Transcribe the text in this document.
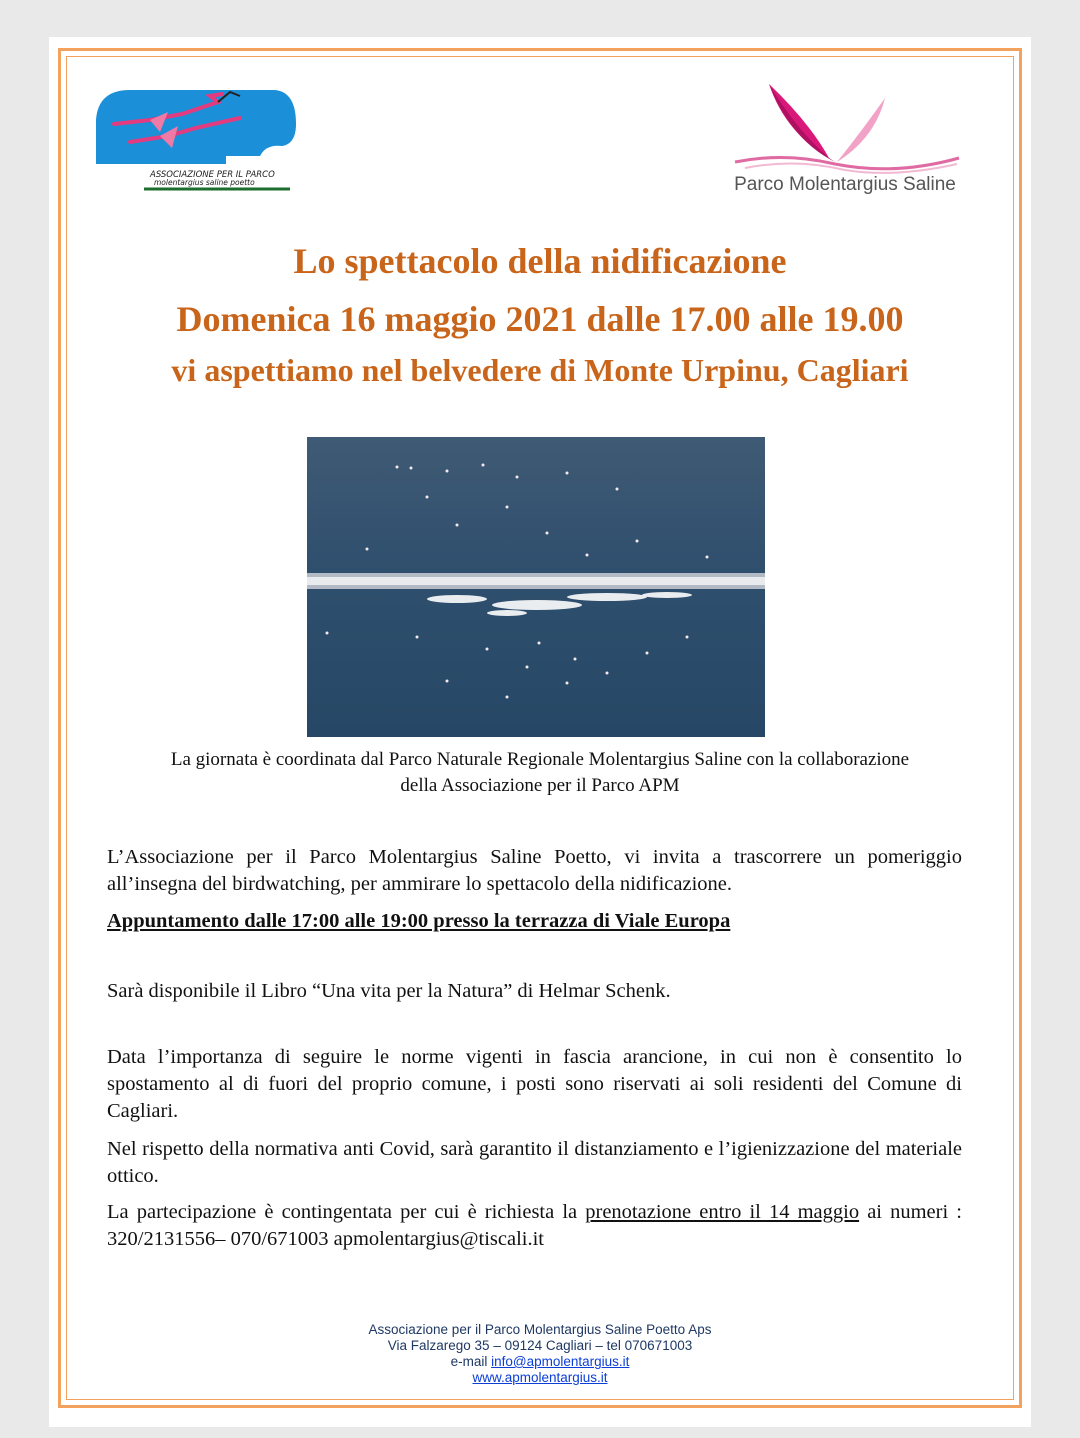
ASSOCIAZIONE PER IL PARCO
molentargius saline poetto	Parco Molentargius Saline
Lo spettacolo della nidificazione
Domenica 16 maggio 2021 dalle 17.00 alle 19.00
vi aspettiamo nel belvedere di Monte Urpinu, Cagliari
La giornata è coordinata dal Parco Naturale Regionale Molentargius Saline con la collaborazione
della Associazione per il Parco APM
L’Associazione per il Parco Molentargius Saline Poetto, vi invita a trascorrere un pomeriggio all’insegna del birdwatching, per ammirare lo spettacolo della nidificazione.
Appuntamento dalle 17:00 alle 19:00 presso la terrazza di Viale Europa
Sarà disponibile il Libro “Una vita per la Natura” di Helmar Schenk.
Data l’importanza di seguire le norme vigenti in fascia arancione, in cui non è consentito lo spostamento al di fuori del proprio comune, i posti sono riservati ai soli residenti del Comune di Cagliari.
Nel rispetto della normativa anti Covid, sarà garantito il distanziamento e l’igienizzazione del materiale ottico.
La partecipazione è contingentata per cui è richiesta la prenotazione entro il 14 maggio ai numeri : 320/2131556– 070/671003 apmolentargius@tiscali.it
Associazione per il Parco Molentargius Saline Poetto Aps
Via Falzarego 35 – 09124 Cagliari – tel 070671003
e-mail info@apmolentargius.it
www.apmolentargius.it
